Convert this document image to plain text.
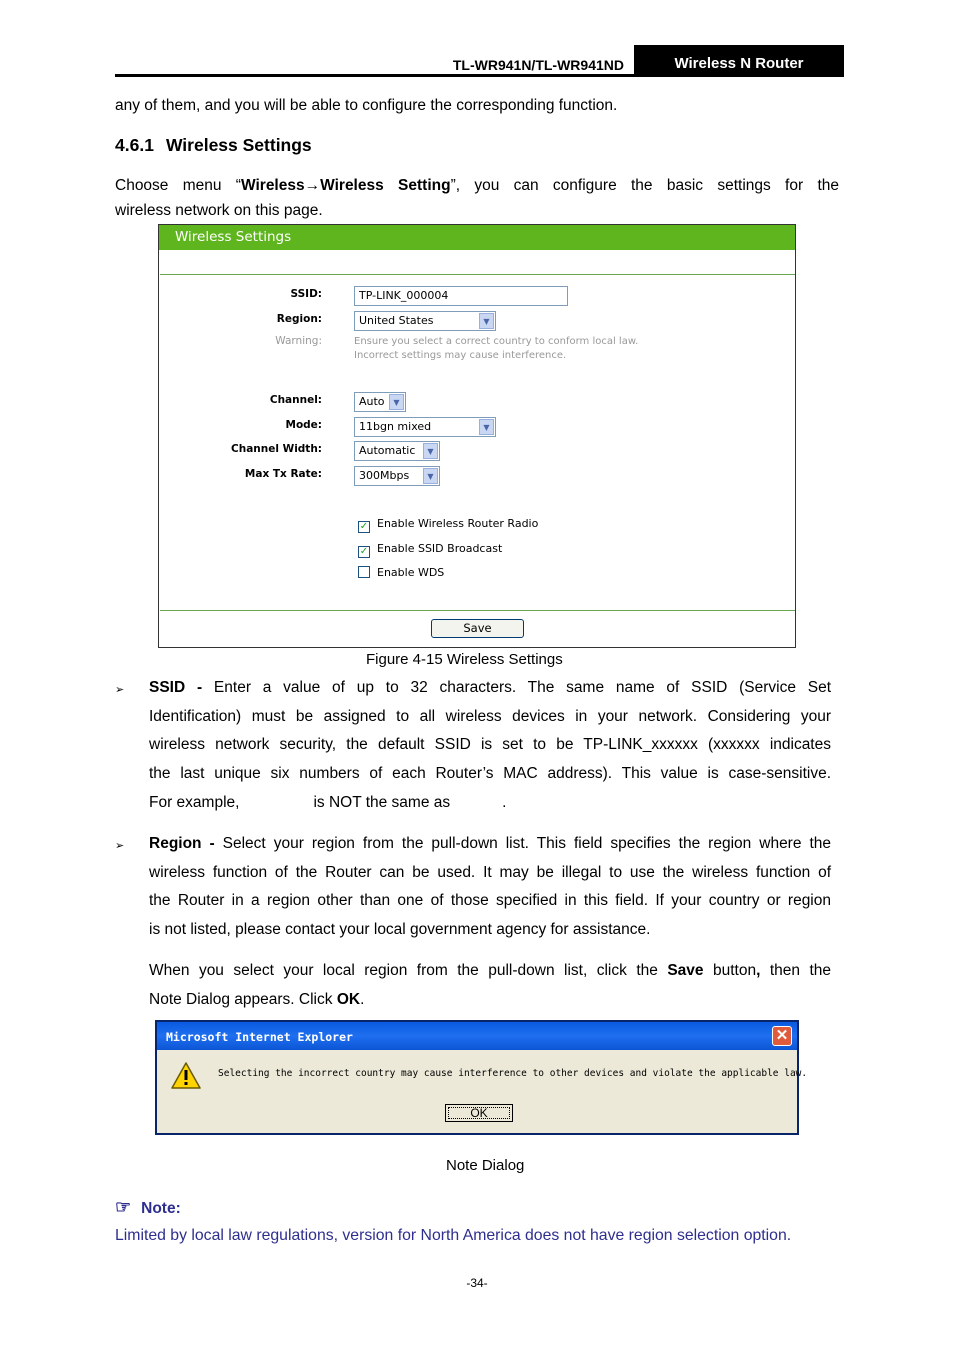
TL-WR941N/TL-WR941ND	Wireless N Router
any of them, and you will be able to configure the corresponding function.
4.6.1 Wireless Settings
Choose menu “Wireless→Wireless Setting”, you can configure the basic settings for the
wireless network on this page.
Wireless Settings
SSID:	TP-LINK_000004
Region:	United States	▼
Warning:	Ensure you select a correct country to conform local law.
Incorrect settings may cause interference.
Channel:	Auto	▼
Mode:	11bgn mixed	▼
Channel Width:	Automatic	▼
Max Tx Rate:	300Mbps	▼
✓ Enable Wireless Router Radio
✓ Enable SSID Broadcast
Enable WDS
Save
Figure 4-15 Wireless Settings
➢ SSID - Enter a value of up to 32 characters. The same name of SSID (Service Set
Identification) must be assigned to all wireless devices in your network. Considering your
wireless network security, the default SSID is set to be TP-LINK_xxxxxx (xxxxxx indicates
the last unique six numbers of each Router’s MAC address). This value is case-sensitive.
For example,	is NOT the same as	.
➢ Region - Select your region from the pull-down list. This field specifies the region where the
wireless function of the Router can be used. It may be illegal to use the wireless function of
the Router in a region other than one of those specified in this field. If your country or region
is not listed, please contact your local government agency for assistance.
When you select your local region from the pull-down list, click the Save button, then the
Note Dialog appears. Click OK.
Microsoft Internet Explorer	✕
Selecting the incorrect country may cause interference to other devices and violate the applicable law.
OK
Note Dialog
☞ Note:
Limited by local law regulations, version for North America does not have region selection option.
-34-
